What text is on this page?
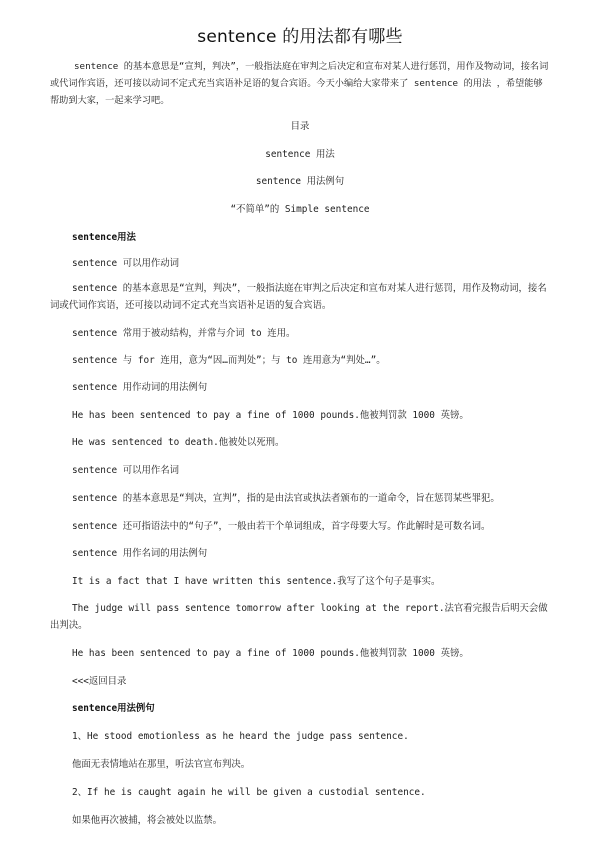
sentence 的用法都有哪些
sentence 的基本意思是“宣判，判决”，一般指法庭在审判之后决定和宣布对某人进行惩罚，用作及物动词，接名词或代词作宾语，还可接以动词不定式充当宾语补足语的复合宾语。今天小编给大家带来了 sentence 的用法 ，希望能够帮助到大家，一起来学习吧。
目录
sentence 用法
sentence 用法例句
“不简单”的 Simple sentence
sentence用法
sentence 可以用作动词
sentence 的基本意思是“宣判，判决”，一般指法庭在审判之后决定和宣布对某人进行惩罚，用作及物动词，接名词或代词作宾语，还可接以动词不定式充当宾语补足语的复合宾语。
sentence 常用于被动结构，并常与介词 to 连用。
sentence 与 for 连用，意为“因…而判处”；与 to 连用意为“判处…”。
sentence 用作动词的用法例句
He has been sentenced to pay a fine of 1000 pounds.他被判罚款 1000 英镑。
He was sentenced to death.他被处以死刑。
sentence 可以用作名词
sentence 的基本意思是“判决，宣判”，指的是由法官或执法者颁布的一道命令，旨在惩罚某些罪犯。
sentence 还可指语法中的“句子”，一般由若干个单词组成，首字母要大写。作此解时是可数名词。
sentence 用作名词的用法例句
It is a fact that I have written this sentence.我写了这个句子是事实。
The judge will pass sentence tomorrow after looking at the report.法官看完报告后明天会做出判决。
He has been sentenced to pay a fine of 1000 pounds.他被判罚款 1000 英镑。
<<<返回目录
sentence用法例句
1、He stood emotionless as he heard the judge pass sentence.
他面无表情地站在那里，听法官宣布判决。
2、If he is caught again he will be given a custodial sentence.
如果他再次被捕，将会被处以监禁。
